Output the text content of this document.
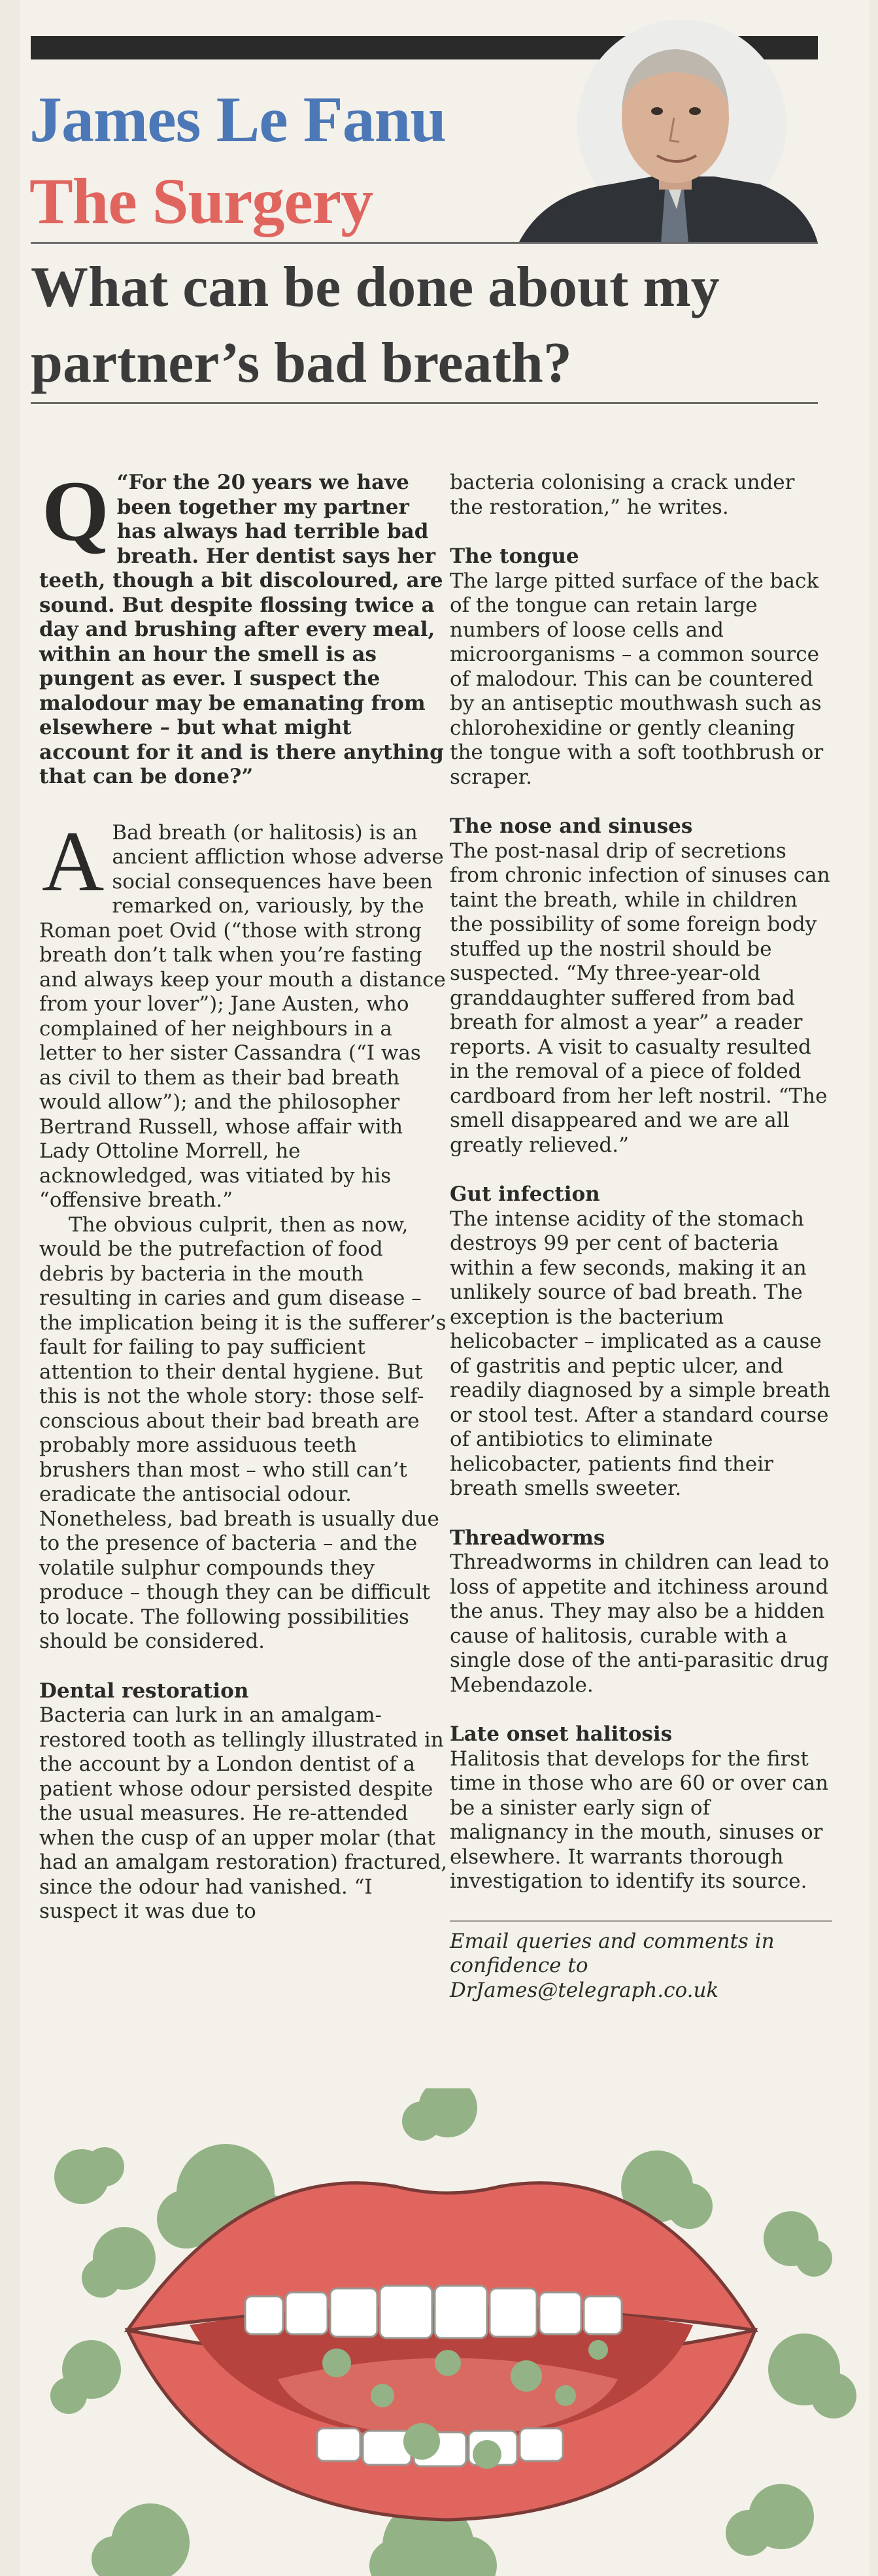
James Le Fanu
The Surgery
What can be done about my partner’s bad breath?

Q “For the 20 years we have been together my partner has always had terrible bad breath. Her dentist says her teeth, though a bit discoloured, are sound. But despite flossing twice a day and brushing after every meal, within an hour the smell is as pungent as ever. I suspect the malodour may be emanating from elsewhere – but what might account for it and is there anything that can be done?”

A Bad breath (or halitosis) is an ancient affliction whose adverse social consequences have been remarked on, variously, by the Roman poet Ovid (“those with strong breath don’t talk when you’re fasting and always keep your mouth a distance from your lover”); Jane Austen, who complained of her neighbours in a letter to her sister Cassandra (“I was as civil to them as their bad breath would allow”); and the philosopher Bertrand Russell, whose affair with Lady Ottoline Morrell, he acknowledged, was vitiated by his “offensive breath.”

The obvious culprit, then as now, would be the putrefaction of food debris by bacteria in the mouth resulting in caries and gum disease – the implication being it is the sufferer’s fault for failing to pay sufficient attention to their dental hygiene. But this is not the whole story: those self-conscious about their bad breath are probably more assiduous teeth brushers than most – who still can’t eradicate the antisocial odour. Nonetheless, bad breath is usually due to the presence of bacteria – and the volatile sulphur compounds they produce – though they can be difficult to locate. The following possibilities should be considered.

Dental restoration

Bacteria can lurk in an amalgam-restored tooth as tellingly illustrated in the account by a London dentist of a patient whose odour persisted despite the usual measures. He re-attended when the cusp of an upper molar (that had an amalgam restoration) fractured, since the odour had vanished. “I suspect it was due to

bacteria colonising a crack under the restoration,” he writes.

The tongue

The large pitted surface of the back of the tongue can retain large numbers of loose cells and microorganisms – a common source of malodour. This can be countered by an antiseptic mouthwash such as chlorohexidine or gently cleaning the tongue with a soft toothbrush or scraper.

The nose and sinuses

The post-nasal drip of secretions from chronic infection of sinuses can taint the breath, while in children the possibility of some foreign body stuffed up the nostril should be suspected. “My three-year-old granddaughter suffered from bad breath for almost a year” a reader reports. A visit to casualty resulted in the removal of a piece of folded cardboard from her left nostril. “The smell disappeared and we are all greatly relieved.”

Gut infection

The intense acidity of the stomach destroys 99 per cent of bacteria within a few seconds, making it an unlikely source of bad breath. The exception is the bacterium helicobacter – implicated as a cause of gastritis and peptic ulcer, and readily diagnosed by a simple breath or stool test. After a standard course of antibiotics to eliminate helicobacter, patients find their breath smells sweeter.

Threadworms

Threadworms in children can lead to loss of appetite and itchiness around the anus. They may also be a hidden cause of halitosis, curable with a single dose of the anti-parasitic drug Mebendazole.

Late onset halitosis

Halitosis that develops for the first time in those who are 60 or over can be a sinister early sign of malignancy in the mouth, sinuses or elsewhere. It warrants thorough investigation to identify its source.

Email queries and comments in confidence to DrJames@telegraph.co.uk
